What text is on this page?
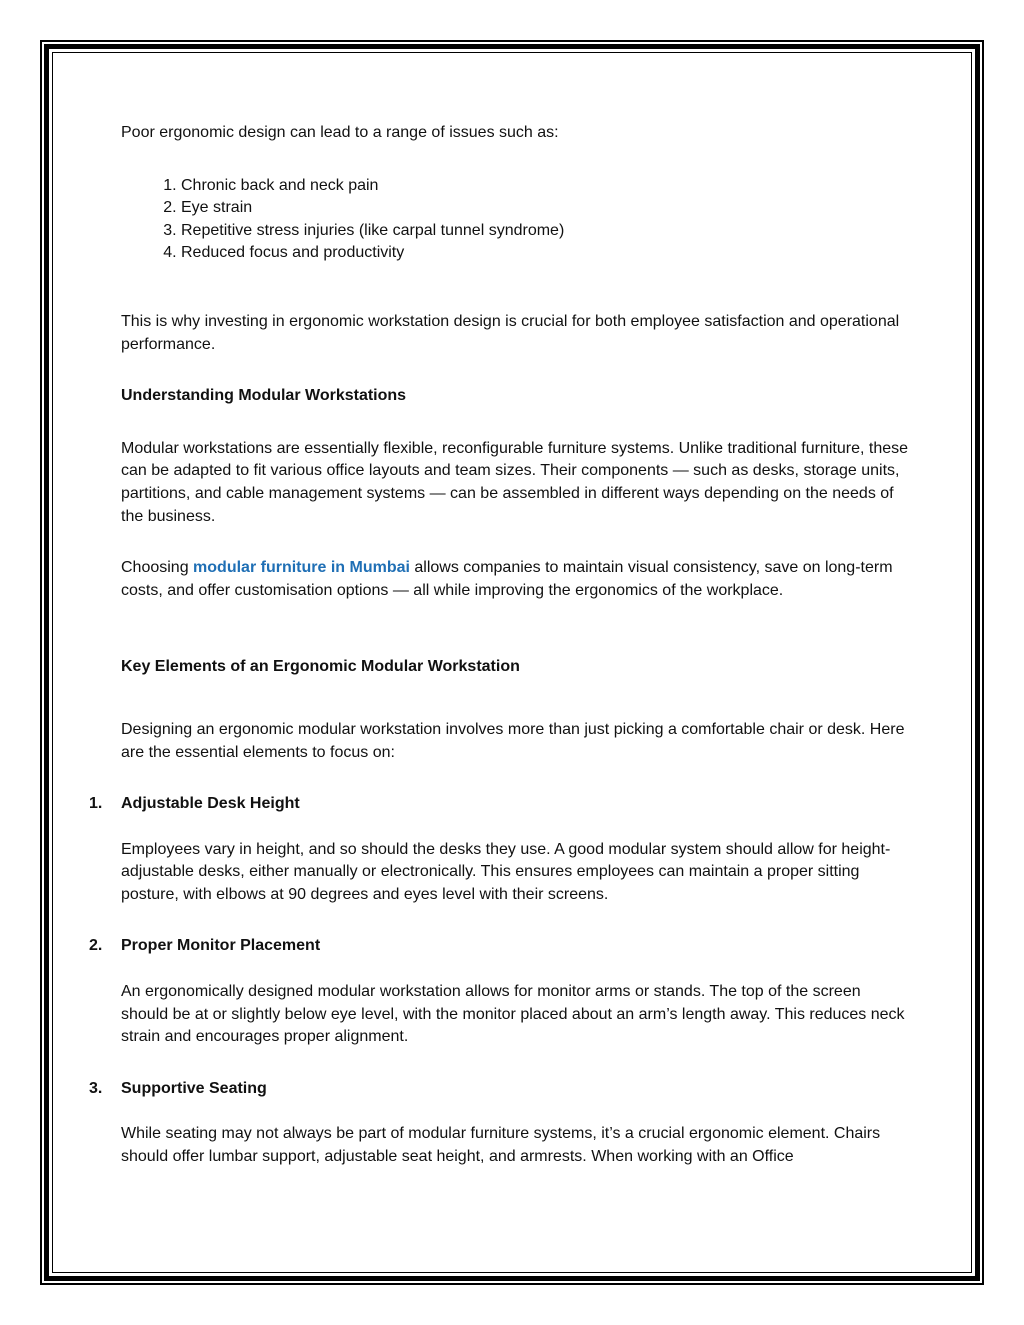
Poor ergonomic design can lead to a range of issues such as:

1. Chronic back and neck pain
2. Eye strain
3. Repetitive stress injuries (like carpal tunnel syndrome)
4. Reduced focus and productivity

This is why investing in ergonomic workstation design is crucial for both employee satisfaction and operational performance.

Understanding Modular Workstations

Modular workstations are essentially flexible, reconfigurable furniture systems. Unlike traditional furniture, these can be adapted to fit various office layouts and team sizes. Their components — such as desks, storage units, partitions, and cable management systems — can be assembled in different ways depending on the needs of the business.

Choosing modular furniture in Mumbai allows companies to maintain visual consistency, save on long-term costs, and offer customisation options — all while improving the ergonomics of the workplace.

Key Elements of an Ergonomic Modular Workstation

Designing an ergonomic modular workstation involves more than just picking a comfortable chair or desk. Here are the essential elements to focus on:

1. Adjustable Desk Height

Employees vary in height, and so should the desks they use. A good modular system should allow for height-adjustable desks, either manually or electronically. This ensures employees can maintain a proper sitting posture, with elbows at 90 degrees and eyes level with their screens.

2. Proper Monitor Placement

An ergonomically designed modular workstation allows for monitor arms or stands. The top of the screen should be at or slightly below eye level, with the monitor placed about an arm’s length away. This reduces neck strain and encourages proper alignment.

3. Supportive Seating

While seating may not always be part of modular furniture systems, it’s a crucial ergonomic element. Chairs should offer lumbar support, adjustable seat height, and armrests. When working with an Office
